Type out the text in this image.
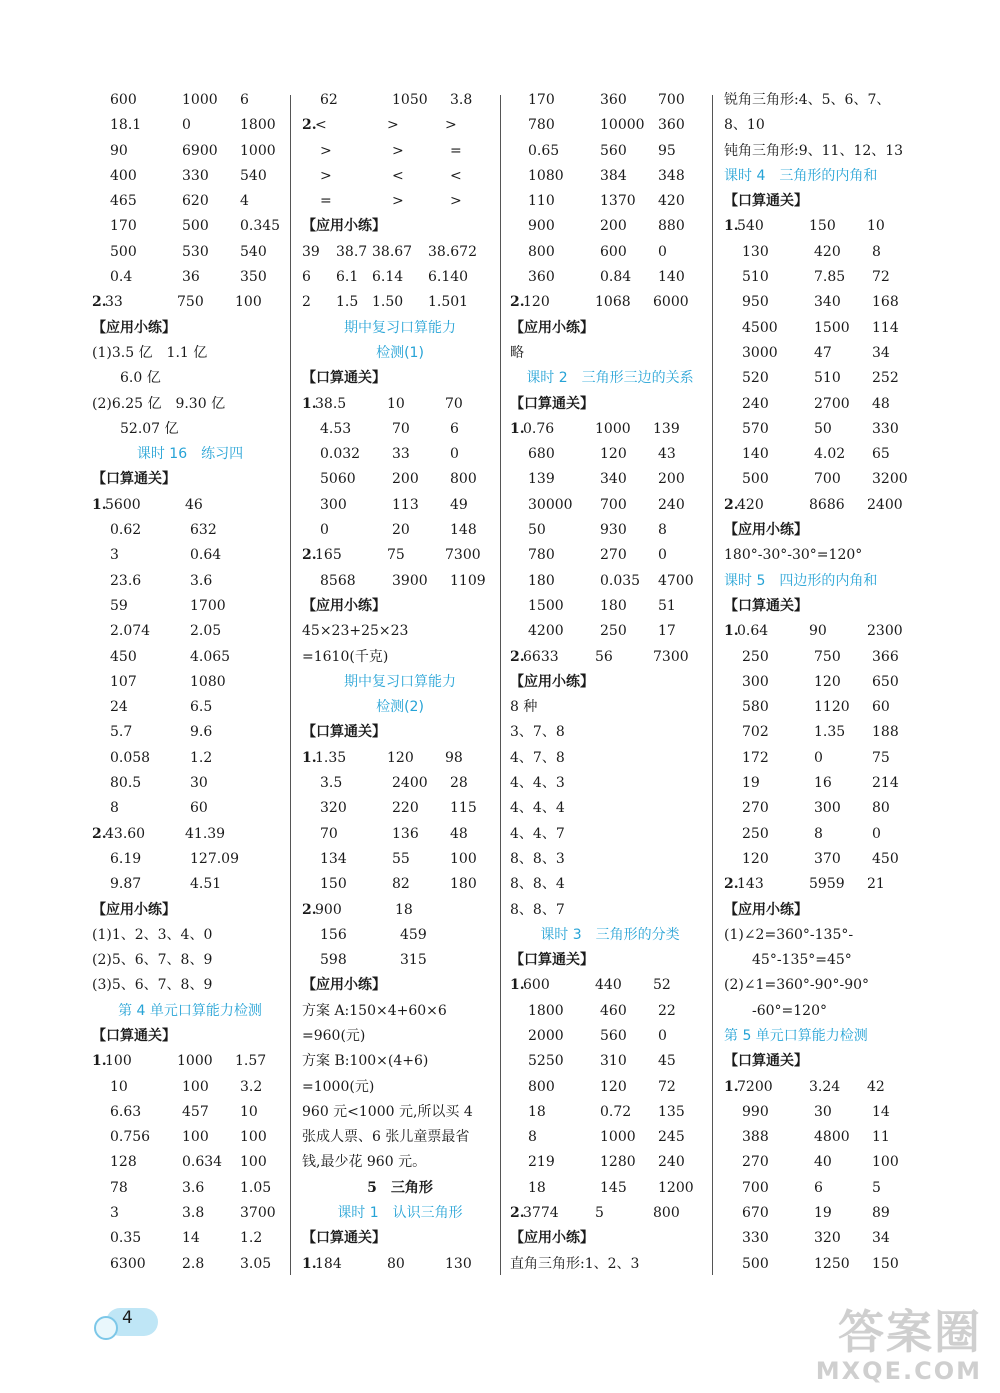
600	1000 6
18.1	0	1800
90	6900 1000
400	330 540
465	620 4
170	500 0.345
500	530 540
0.4	36	350
2.
33	750 100
【应用小练】
(1)3.5 亿　1.1 亿
6.0 亿
(2)6.25 亿　9.30 亿
52.07 亿
课时 16　练习四
【口算通关】
1.
5600	46
0.62	632
3	0.64
23.6	3.6
59	1700
2.074	2.05
450	4.065
107	1080
24	6.5
5.7	9.6
0.058	1.2
80.5	30
8	60
2.
43.60	41.39
6.19	127.09
9.87	4.51
【应用小练】
(1)1、2、3、4、0
(2)5、6、7、8、9
(3)5、6、7、8、9
第 4 单元口算能力检测
【口算通关】
1.
100	1000 1.57
10	100 3.2
6.63	457 10
0.756 100 100
128	0.634 100
78	3.6	1.05
3	3.8	3700
0.35	14	1.2
6300	2.8	3.05
62	1050 3.8
2.
<	>	>
>	>	=
>	<	<
=	>	>
【应用小练】
39 38.7 38.67 38.672
6 6.1 6.14 6.140
2 1.5 1.50 1.501
期中复习口算能力
检测(1)
【口算通关】
1.
38.5	10	70
4.53	70	6
0.032 33	0
5060	200 800
300	113 49
0	20	148
2.
165	75	7300
8568	3900 1109
【应用小练】
45×23+25×23
=1610(千克)
期中复习口算能力
检测(2)
【口算通关】
1.
1.35	120 98
3.5	2400 28
320	220 115
70	136 48
134	55	100
150	82	180
2.
900	18
156	459
598	315
【应用小练】
方案 A:150×4+60×6
=960(元)
方案 B:100×(4+6)
=1000(元)
960 元<1000 元,所以买 4
张成人票、6 张儿童票最省
钱,最少花 960 元。
5　三角形
课时 1　认识三角形
【口算通关】
1.
184	80	130
170	360 700
780	10000 360
0.65	560 95
1080	384 348
110	1370 420
900	200 880
800	600 0
360	0.84 140
2.
120	1068 6000
【应用小练】
略
课时 2　三角形三边的关系
【口算通关】
1.
0.76	1000 139
680	120 43
139	340 200
30000 700 240
50	930 8
780	270 0
180	0.035 4700
1500	180 51
4200	250 17
2.
6633	56	7300
【应用小练】
8 种
3、7、8
4、7、8
4、4、3
4、4、4
4、4、7
8、8、3
8、8、4
8、8、7
课时 3　三角形的分类
【口算通关】
1.
600	440 52
1800	460 22
2000	560 0
5250	310 45
800	120 72
18	0.72 135
8	1000 245
219	1280 240
18	145 1200
2.
3774	5	800
【应用小练】
直角三角形:1、2、3
锐角三角形:4、5、6、7、
8、10
钝角三角形:9、11、12、13
课时 4　三角形的内角和
【口算通关】
1.
540	150 10
130	420 8
510	7.85 72
950	340 168
4500	1500 114
3000	47	34
520	510 252
240	2700 48
570	50	330
140	4.02 65
500	700 3200
2.
420	8686 2400
【应用小练】
180°-30°-30°=120°
课时 5　四边形的内角和
【口算通关】
1.
0.64	90	2300
250	750 366
300	120 650
580	1120 60
702	1.35 188
172	0	75
19	16	214
270	300 80
250	8	0
120	370 450
2.
143	5959 21
【应用小练】
(1)∠2=360°-135°-
45°-135°=45°
(2)∠1=360°-90°-90°
-60°=120°
第 5 单元口算能力检测
【口算通关】
1.
7200	3.24 42
990	30	14
388	4800 11
270	40	100
700	6	5
670	19	89
330	320 34
500	1250 150
4	答案圈
MXQE.COM
